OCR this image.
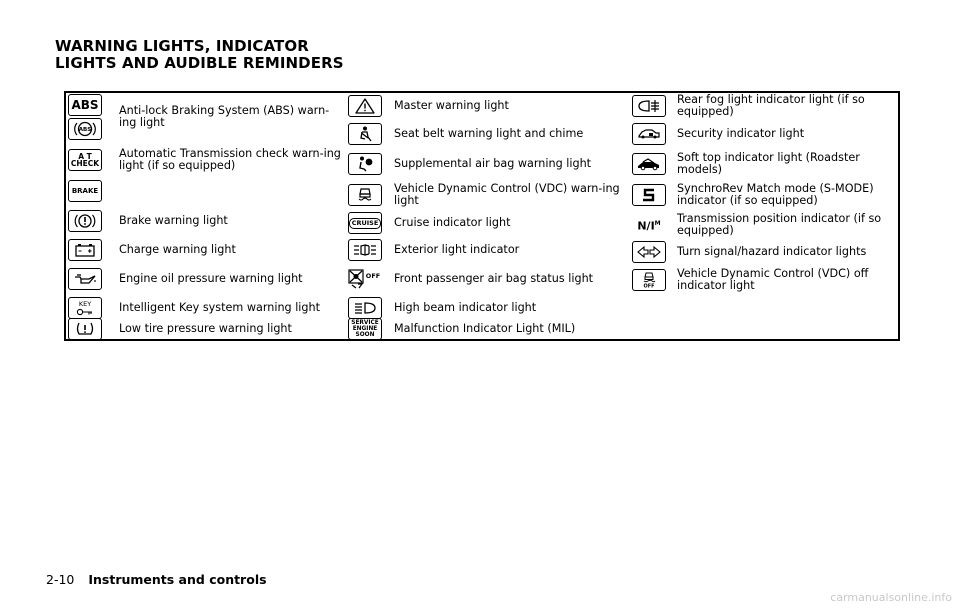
WARNING LIGHTS, INDICATOR
LIGHTS AND AUDIBLE REMINDERS
ABS
ABS
Anti-lock Braking System (ABS) warn-ing light
A T
CHECK
Automatic Transmission check warn-ing light (if so equipped)
BRAKE
Brake warning light
Charge warning light
Engine oil pressure warning light
KEY	Intelligent Key system warning light
Low tire pressure warning light
Master warning light
Seat belt warning light and chime
Supplemental air bag warning light
Vehicle Dynamic Control (VDC) warn-ing light
CRUISE Cruise indicator light
Exterior light indicator
OFF Front passenger air bag status light
High beam indicator light
SERVICE
ENGINE
SOON	Malfunction Indicator Light (MIL)
Rear fog light indicator light (if so equipped)
Security indicator light
Soft top indicator light (Roadster models)
SynchroRev Match mode (S-MODE) indicator (if so equipped)
$N/I^M$ Transmission position indicator (if so equipped)
Turn signal/hazard indicator lights
OFF
Vehicle Dynamic Control (VDC) off indicator light
2-10 Instruments and controls
carmanualsonline.info
